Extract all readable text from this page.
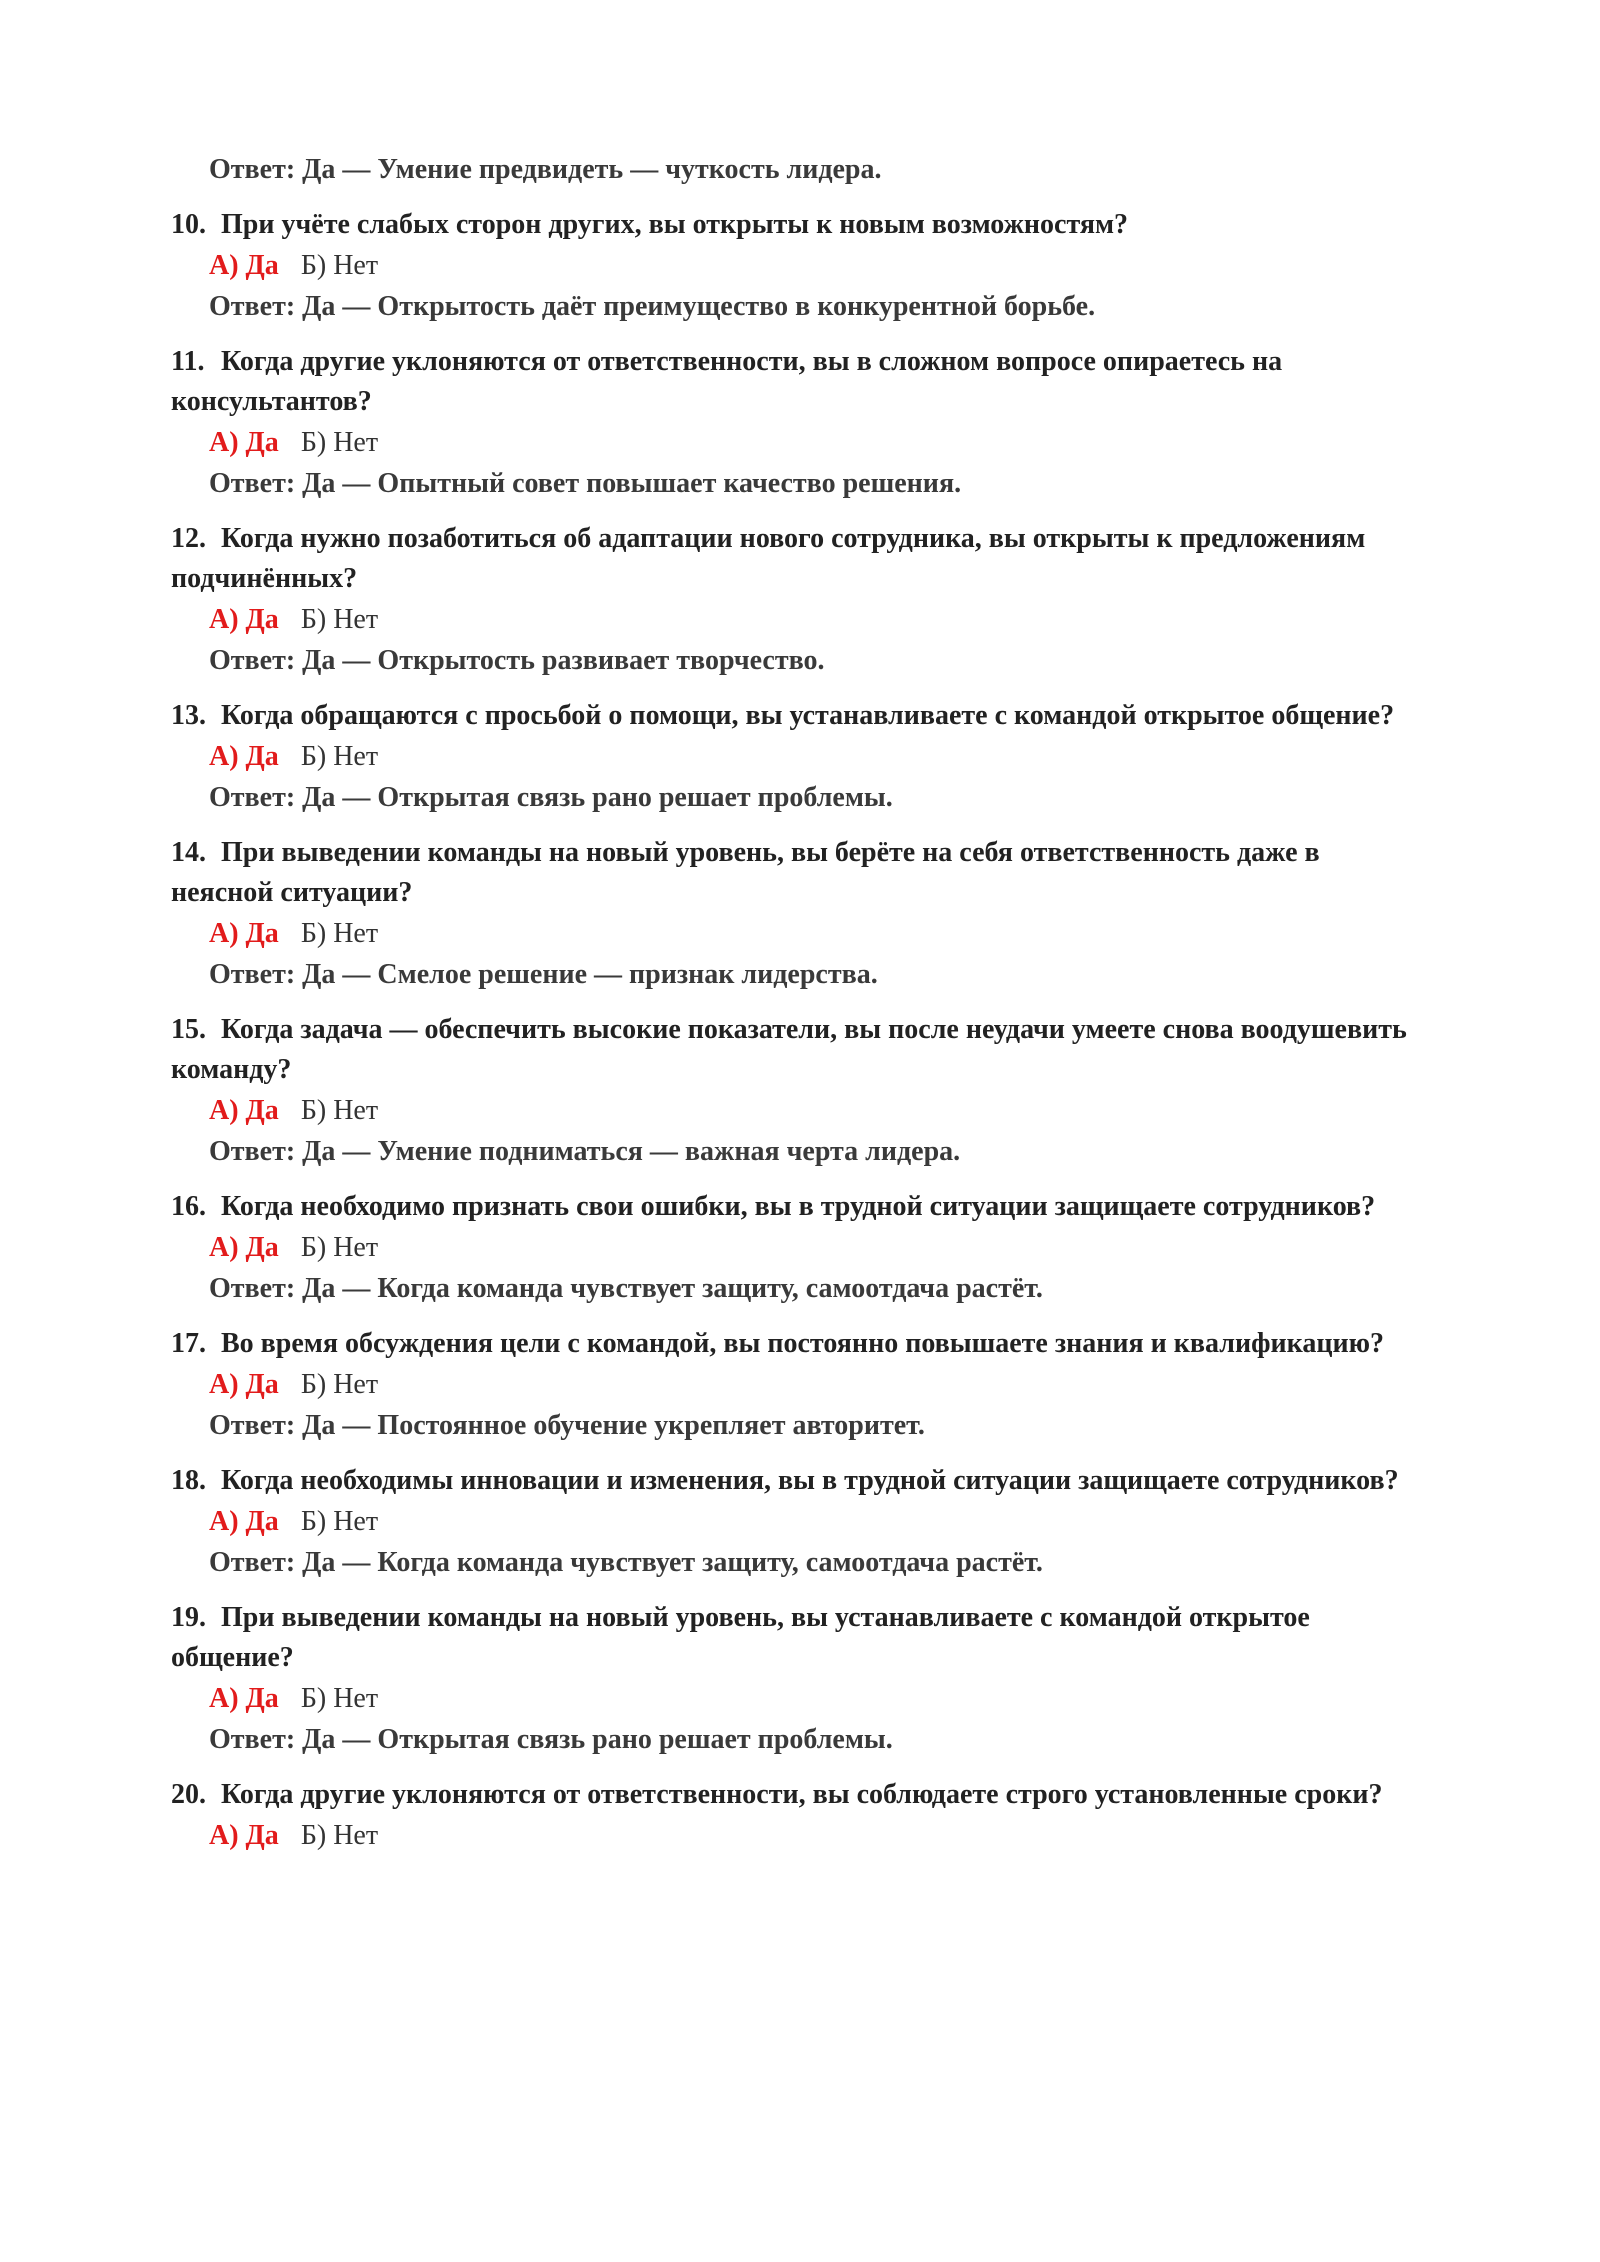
Ответ: Да — Умение предвидеть — чуткость лидера.
10. При учёте слабых сторон других, вы открыты к новым возможностям?
А) Да Б) Нет
Ответ: Да — Открытость даёт преимущество в конкурентной борьбе.
11. Когда другие уклоняются от ответственности, вы в сложном вопросе опираетесь на консультантов?
А) Да Б) Нет
Ответ: Да — Опытный совет повышает качество решения.
12. Когда нужно позаботиться об адаптации нового сотрудника, вы открыты к предложениям подчинённых?
А) Да Б) Нет
Ответ: Да — Открытость развивает творчество.
13. Когда обращаются с просьбой о помощи, вы устанавливаете с командой открытое общение?
А) Да Б) Нет
Ответ: Да — Открытая связь рано решает проблемы.
14. При выведении команды на новый уровень, вы берёте на себя ответственность даже в неясной ситуации?
А) Да Б) Нет
Ответ: Да — Смелое решение — признак лидерства.
15. Когда задача — обеспечить высокие показатели, вы после неудачи умеете снова воодушевить команду?
А) Да Б) Нет
Ответ: Да — Умение подниматься — важная черта лидера.
16. Когда необходимо признать свои ошибки, вы в трудной ситуации защищаете сотрудников?
А) Да Б) Нет
Ответ: Да — Когда команда чувствует защиту, самоотдача растёт.
17. Во время обсуждения цели с командой, вы постоянно повышаете знания и квалификацию?
А) Да Б) Нет
Ответ: Да — Постоянное обучение укрепляет авторитет.
18. Когда необходимы инновации и изменения, вы в трудной ситуации защищаете сотрудников?
А) Да Б) Нет
Ответ: Да — Когда команда чувствует защиту, самоотдача растёт.
19. При выведении команды на новый уровень, вы устанавливаете с командой открытое общение?
А) Да Б) Нет
Ответ: Да — Открытая связь рано решает проблемы.
20. Когда другие уклоняются от ответственности, вы соблюдаете строго установленные сроки?
А) Да Б) Нет
